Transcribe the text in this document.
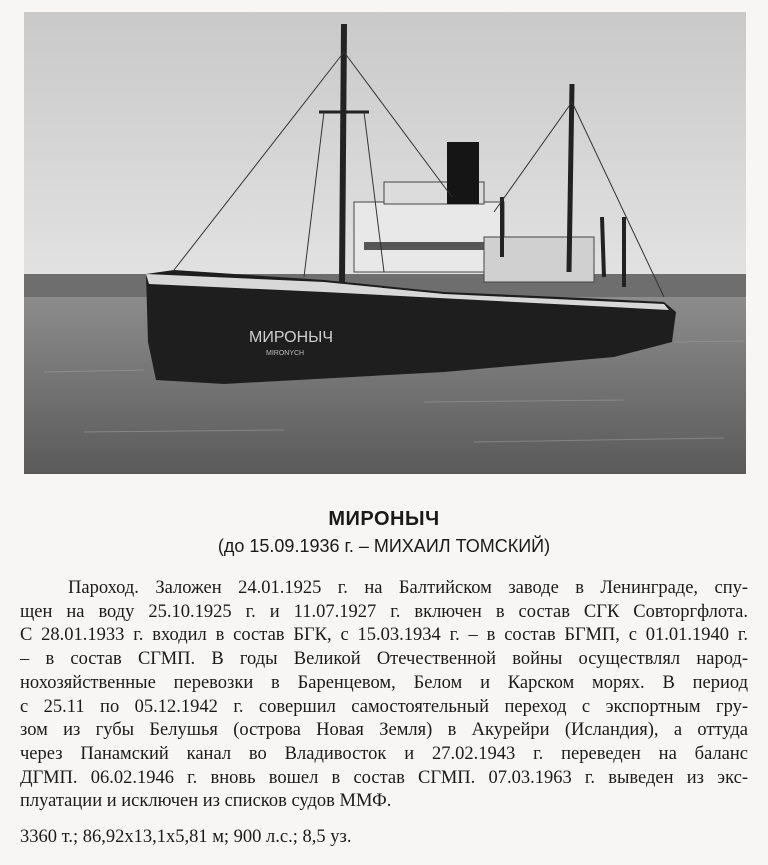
МИРОНЫЧ
MIRONYCH
МИРОНЫЧ
(до 15.09.1936 г. – МИХАИЛ ТОМСКИЙ)
Пароход. Заложен 24.01.1925 г. на Балтийском заводе в Ленинграде, спу-
щен на воду 25.10.1925 г. и 11.07.1927 г. включен в состав СГК Совторгфлота.
С 28.01.1933 г. входил в состав БГК, с 15.03.1934 г. – в состав БГМП, с 01.01.1940 г.
– в состав СГМП. В годы Великой Отечественной войны осуществлял народ-
нохозяйственные перевозки в Баренцевом, Белом и Карском морях. В период
с 25.11 по 05.12.1942 г. совершил самостоятельный переход с экспортным гру-
зом из губы Белушья (острова Новая Земля) в Акурейри (Исландия), а оттуда
через Панамский канал во Владивосток и 27.02.1943 г. переведен на баланс
ДГМП. 06.02.1946 г. вновь вошел в состав СГМП. 07.03.1963 г. выведен из экс-
плуатации и исключен из списков судов ММФ.
3360 т.; 86,92х13,1х5,81 м; 900 л.с.; 8,5 уз.
